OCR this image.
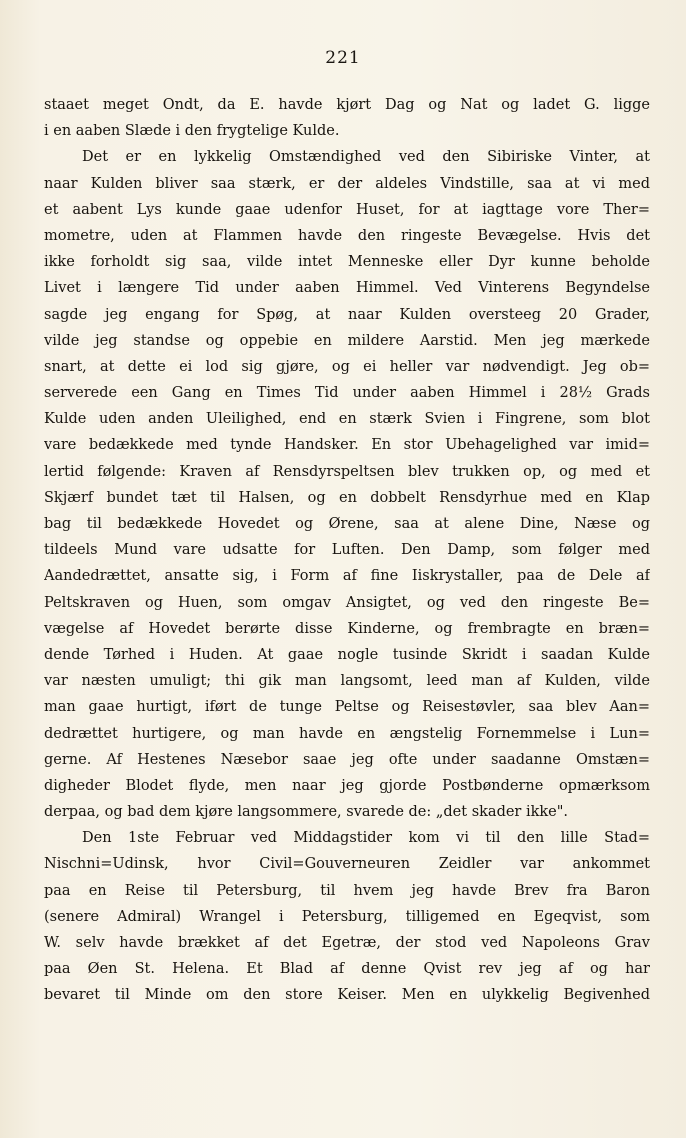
221
staaet meget Ondt, da E. havde kjørt Dag og Nat og ladet G. ligge
i en aaben Slæde i den frygtelige Kulde.
Det er en lykkelig Omstændighed ved den Sibiriske Vinter, at
naar Kulden bliver saa stærk, er der aldeles Vindstille, saa at vi med
et aabent Lys kunde gaae udenfor Huset, for at iagttage vore Ther=
mometre, uden at Flammen havde den ringeste Bevægelse. Hvis det
ikke forholdt sig saa, vilde intet Menneske eller Dyr kunne beholde
Livet i længere Tid under aaben Himmel. Ved Vinterens Begyndelse
sagde jeg engang for Spøg, at naar Kulden oversteeg 20 Grader,
vilde jeg standse og oppebie en mildere Aarstid. Men jeg mærkede
snart, at dette ei lod sig gjøre, og ei heller var nødvendigt. Jeg ob=
serverede een Gang en Times Tid under aaben Himmel i 28½ Grads
Kulde uden anden Uleilighed, end en stærk Svien i Fingrene, som blot
vare bedækkede med tynde Handsker. En stor Ubehagelighed var imid=
lertid følgende: Kraven af Rensdyrspeltsen blev trukken op, og med et
Skjærf bundet tæt til Halsen, og en dobbelt Rensdyrhue med en Klap
bag til bedækkede Hovedet og Ørene, saa at alene Dine, Næse og
tildeels Mund vare udsatte for Luften. Den Damp, som følger med
Aandedrættet, ansatte sig, i Form af fine Iiskrystaller, paa de Dele af
Peltskraven og Huen, som omgav Ansigtet, og ved den ringeste Be=
vægelse af Hovedet berørte disse Kinderne, og frembragte en bræn=
dende Tørhed i Huden. At gaae nogle tusinde Skridt i saadan Kulde
var næsten umuligt; thi gik man langsomt, leed man af Kulden, vilde
man gaae hurtigt, iført de tunge Peltse og Reisestøvler, saa blev Aan=
dedrættet hurtigere, og man havde en ængstelig Fornemmelse i Lun=
gerne. Af Hestenes Næsebor saae jeg ofte under saadanne Omstæn=
digheder Blodet flyde, men naar jeg gjorde Postbønderne opmærksom
derpaa, og bad dem kjøre langsommere, svarede de: „det skader ikke".
Den 1ste Februar ved Middagstider kom vi til den lille Stad=
Nischni=Udinsk, hvor Civil=Gouverneuren Zeidler var ankommet
paa en Reise til Petersburg, til hvem jeg havde Brev fra Baron
(senere Admiral) Wrangel i Petersburg, tilligemed en Egeqvist, som
W. selv havde brækket af det Egetræ, der stod ved Napoleons Grav
paa Øen St. Helena. Et Blad af denne Qvist rev jeg af og har
bevaret til Minde om den store Keiser. Men en ulykkelig Begivenhed
